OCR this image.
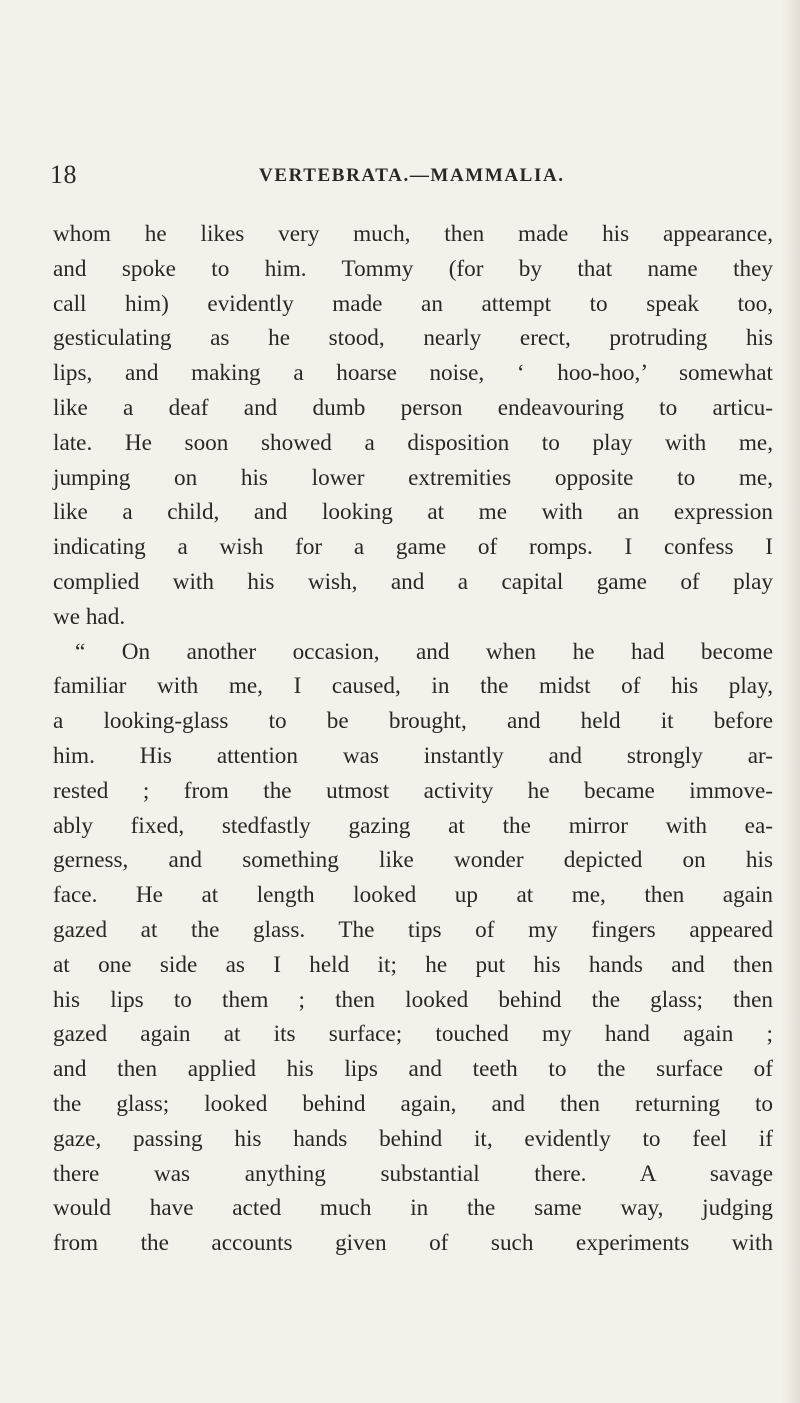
18	VERTEBRATA.—MAMMALIA.
whom he likes very much, then made his appearance,
and spoke to him. Tommy (for by that name they
call him) evidently made an attempt to speak too,
gesticulating as he stood, nearly erect, protruding his
lips, and making a hoarse noise, ‘ hoo-hoo,’ somewhat
like a deaf and dumb person endeavouring to articu-
late. He soon showed a disposition to play with me,
jumping on his lower extremities opposite to me,
like a child, and looking at me with an expression
indicating a wish for a game of romps. I confess I
complied with his wish, and a capital game of play
we had.
“ On another occasion, and when he had become
familiar with me, I caused, in the midst of his play,
a looking-glass to be brought, and held it before
him. His attention was instantly and strongly ar-
rested ; from the utmost activity he became immove-
ably fixed, stedfastly gazing at the mirror with ea-
gerness, and something like wonder depicted on his
face. He at length looked up at me, then again
gazed at the glass. The tips of my fingers appeared
at one side as I held it; he put his hands and then
his lips to them ; then looked behind the glass; then
gazed again at its surface; touched my hand again ;
and then applied his lips and teeth to the surface of
the glass; looked behind again, and then returning to
gaze, passing his hands behind it, evidently to feel if
there was anything substantial there. A savage
would have acted much in the same way, judging
from the accounts given of such experiments with
